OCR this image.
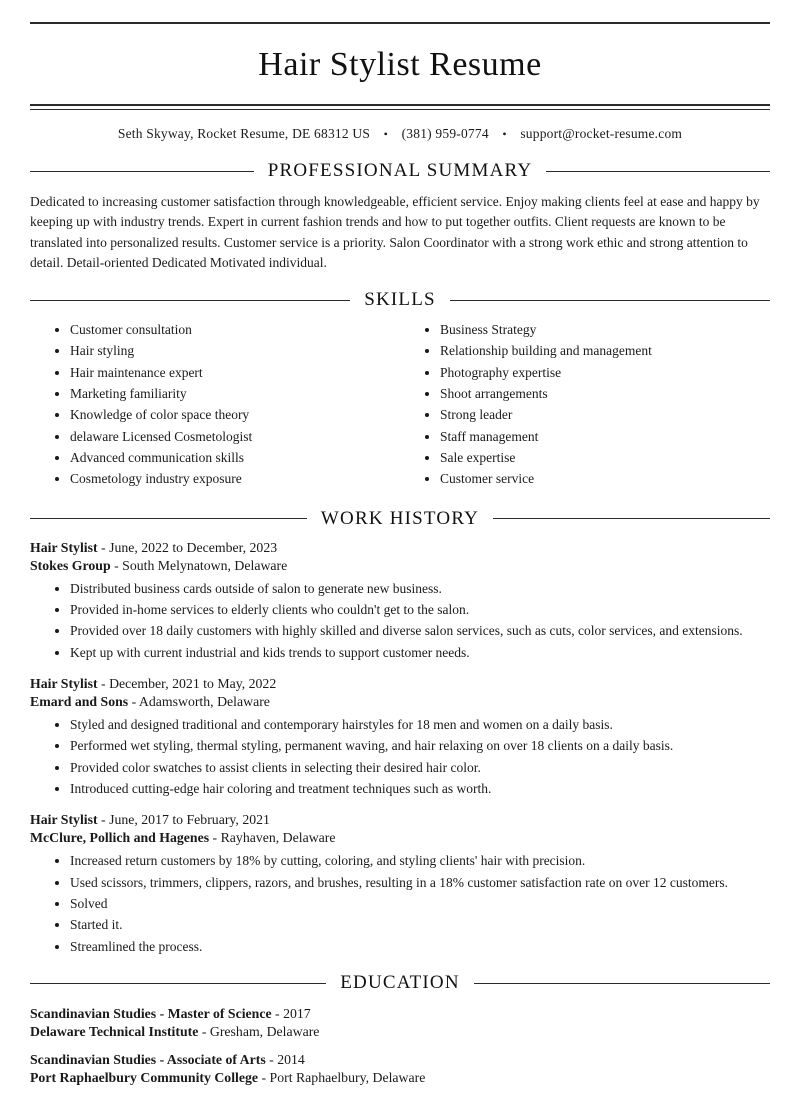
Hair Stylist Resume
Seth Skyway, Rocket Resume, DE 68312 US • (381) 959-0774 • support@rocket-resume.com
PROFESSIONAL SUMMARY

Dedicated to increasing customer satisfaction through knowledgeable, efficient service. Enjoy making clients feel at ease and happy by keeping up with industry trends. Expert in current fashion trends and how to put together outfits. Client requests are known to be translated into personalized results. Customer service is a priority. Salon Coordinator with a strong work ethic and strong attention to detail. Detail-oriented Dedicated Motivated individual.

SKILLS
• Customer consultation
• Hair styling
• Hair maintenance expert
• Marketing familiarity
• Knowledge of color space theory
• delaware Licensed Cosmetologist
• Advanced communication skills
• Cosmetology industry exposure
• Business Strategy
• Relationship building and management
• Photography expertise
• Shoot arrangements
• Strong leader
• Staff management
• Sale expertise
• Customer service
WORK HISTORY
Hair Stylist - June, 2022 to December, 2023
Stokes Group - South Melynatown, Delaware
• Distributed business cards outside of salon to generate new business.
• Provided in-home services to elderly clients who couldn't get to the salon.
• Provided over 18 daily customers with highly skilled and diverse salon services, such as cuts, color services, and extensions.
• Kept up with current industrial and kids trends to support customer needs.
Hair Stylist - December, 2021 to May, 2022
Emard and Sons - Adamsworth, Delaware
• Styled and designed traditional and contemporary hairstyles for 18 men and women on a daily basis.
• Performed wet styling, thermal styling, permanent waving, and hair relaxing on over 18 clients on a daily basis.
• Provided color swatches to assist clients in selecting their desired hair color.
• Introduced cutting-edge hair coloring and treatment techniques such as worth.
Hair Stylist - June, 2017 to February, 2021
McClure, Pollich and Hagenes - Rayhaven, Delaware
• Increased return customers by 18% by cutting, coloring, and styling clients' hair with precision.
• Used scissors, trimmers, clippers, razors, and brushes, resulting in a 18% customer satisfaction rate on over 12 customers.
• Solved
• Started it.
• Streamlined the process.
EDUCATION
Scandinavian Studies - Master of Science - 2017
Delaware Technical Institute - Gresham, Delaware
Scandinavian Studies - Associate of Arts - 2014
Port Raphaelbury Community College - Port Raphaelbury, Delaware
